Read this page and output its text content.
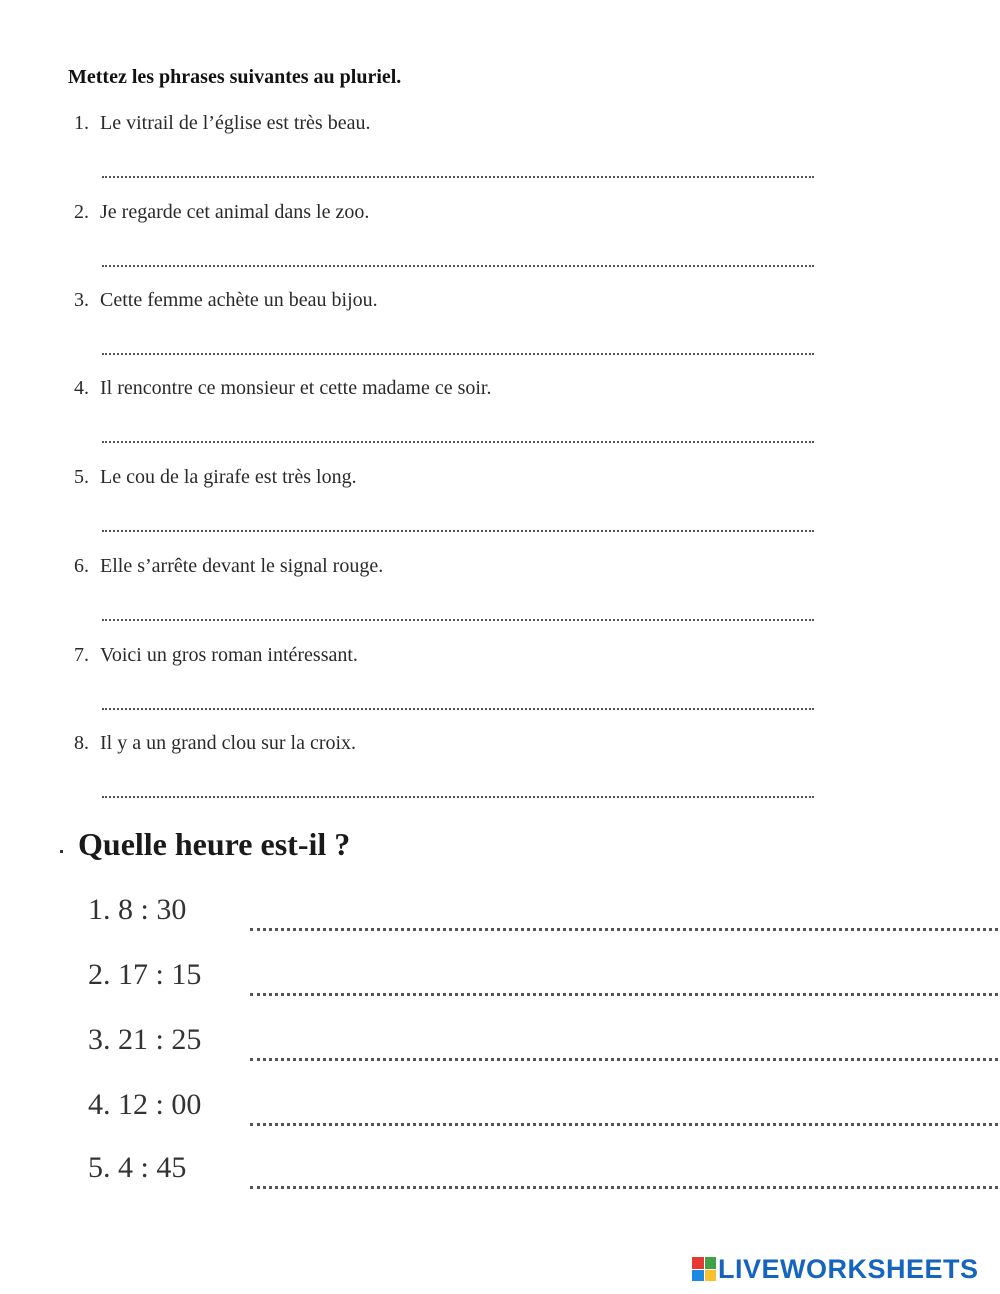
Mettez les phrases suivantes au pluriel.
1. Le vitrail de l’église est très beau.
2. Je regarde cet animal dans le zoo.
3. Cette femme achète un beau bijou.
4. Il rencontre ce monsieur et cette madame ce soir.
5. Le cou de la girafe est très long.
6. Elle s’arrête devant le signal rouge.
7. Voici un gros roman intéressant.
8. Il y a un grand clou sur la croix.
Quelle heure est-il ?
1. 8 : 30
2. 17 : 15
3. 21 : 25
4. 12 : 00
5. 4 : 45
LIVEWORKSHEETS
